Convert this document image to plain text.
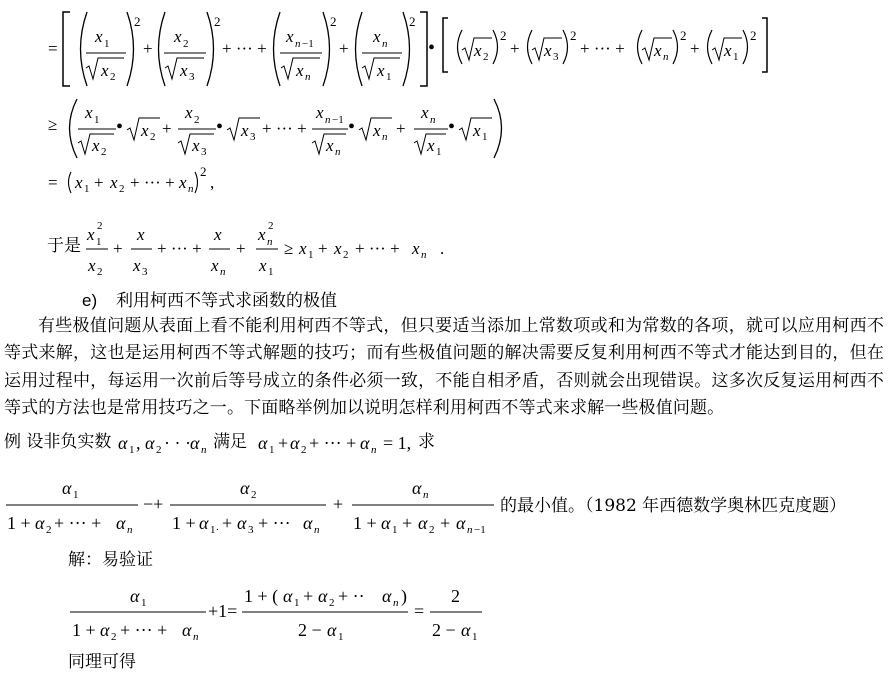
=
x 1
x 2
2
+
x 2
x 3
2
+ ··· +
x n −1
x n
2
+
x n
x 1
2
• x 2
2
+ x 3
2
+ ··· + x n
2
+ x 1
2
≥
x 1
x 2
• x 2 +
x 2
x 3
• x 3 + ··· +
x n −1
x n
• x n +
x n
x 1
• x 1
= x 1 + x 2 + ··· + x n
2
,
于是
x 1
2
x 2
+
x
x 3
+ ··· +
x
x n
+
x n
2
x 1
≥ x 1 + x 2 + ··· + x n .
e) 利用柯西不等式求函数的极值
有些极值问题从表面上看不能利用柯西不等式，但只要适当添加上常数项或和为常数的各项，就可以应用柯西不等式来解，这也是运用柯西不等式解题的技巧；而有些极值问题的解决需要反复利用柯西不等式才能达到目的，但在运用过程中，每运用一次前后等号成立的条件必须一致，不能自相矛盾，否则就会出现错误。这多次反复运用柯西不等式的方法也是常用技巧之一。下面略举例加以说明怎样利用柯西不等式来求解一些极值问题。
例 设非负实数 α 1 , α 2 · · · α n 满足 α 1 + α 2 + ··· + α n = 1, 求
α 1
1 + α 2 + ··· + α n
−+
α 2
1 + α 1· + α 3 + ··· α n
+
α n
1 + α 1 + α 2 + α n −1
的最小值。（1982 年西德数学奥林匹克度题）
解：易验证
α 1
1 + α 2 + ··· + α n
+1=
1 + ( α 1 + α 2 + ·· α n )
2 − α 1
=
2
2 − α 1
同理可得
